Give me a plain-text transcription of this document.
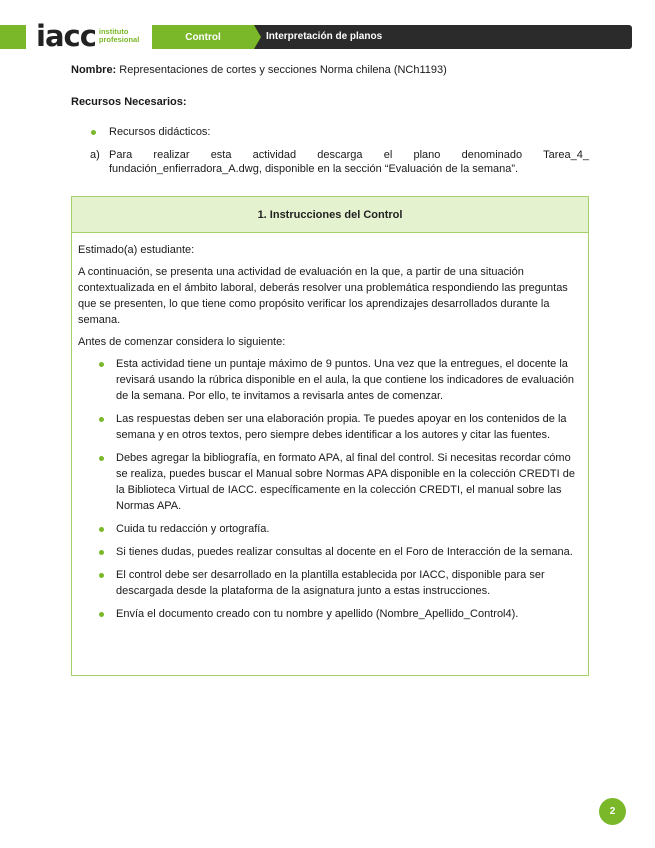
iacc instituto
profesional	Control	Interpretación de planos

Nombre: Representaciones de cortes y secciones Norma chilena (NCh1193)

Recursos Necesarios:
Recursos didácticos:
a) Para realizar esta actividad descarga el plano denominado Tarea_4_ fundación_enfierradora_A.dwg, disponible en la sección “Evaluación de la semana”.
1. Instrucciones del Control

Estimado(a) estudiante:

A continuación, se presenta una actividad de evaluación en la que, a partir de una situación contextualizada en el ámbito laboral, deberás resolver una problemática respondiendo las preguntas que se presenten, lo que tiene como propósito verificar los aprendizajes desarrollados durante la semana.

Antes de comenzar considera lo siguiente:

Esta actividad tiene un puntaje máximo de 9 puntos. Una vez que la entregues, el docente la revisará usando la rúbrica disponible en el aula, la que contiene los indicadores de evaluación de la semana. Por ello, te invitamos a revisarla antes de comenzar.
Las respuestas deben ser una elaboración propia. Te puedes apoyar en los contenidos de la semana y en otros textos, pero siempre debes identificar a los autores y citar las fuentes.
Debes agregar la bibliografía, en formato APA, al final del control. Si necesitas recordar cómo se realiza, puedes buscar el Manual sobre Normas APA disponible en la colección CREDTI de la Biblioteca Virtual de IACC. específicamente en la colección CREDTI, el manual sobre las Normas APA.
Cuida tu redacción y ortografía.
Si tienes dudas, puedes realizar consultas al docente en el Foro de Interacción de la semana.
El control debe ser desarrollado en la plantilla establecida por IACC, disponible para ser descargada desde la plataforma de la asignatura junto a estas instrucciones.
Envía el documento creado con tu nombre y apellido (Nombre_Apellido_Control4).
2
